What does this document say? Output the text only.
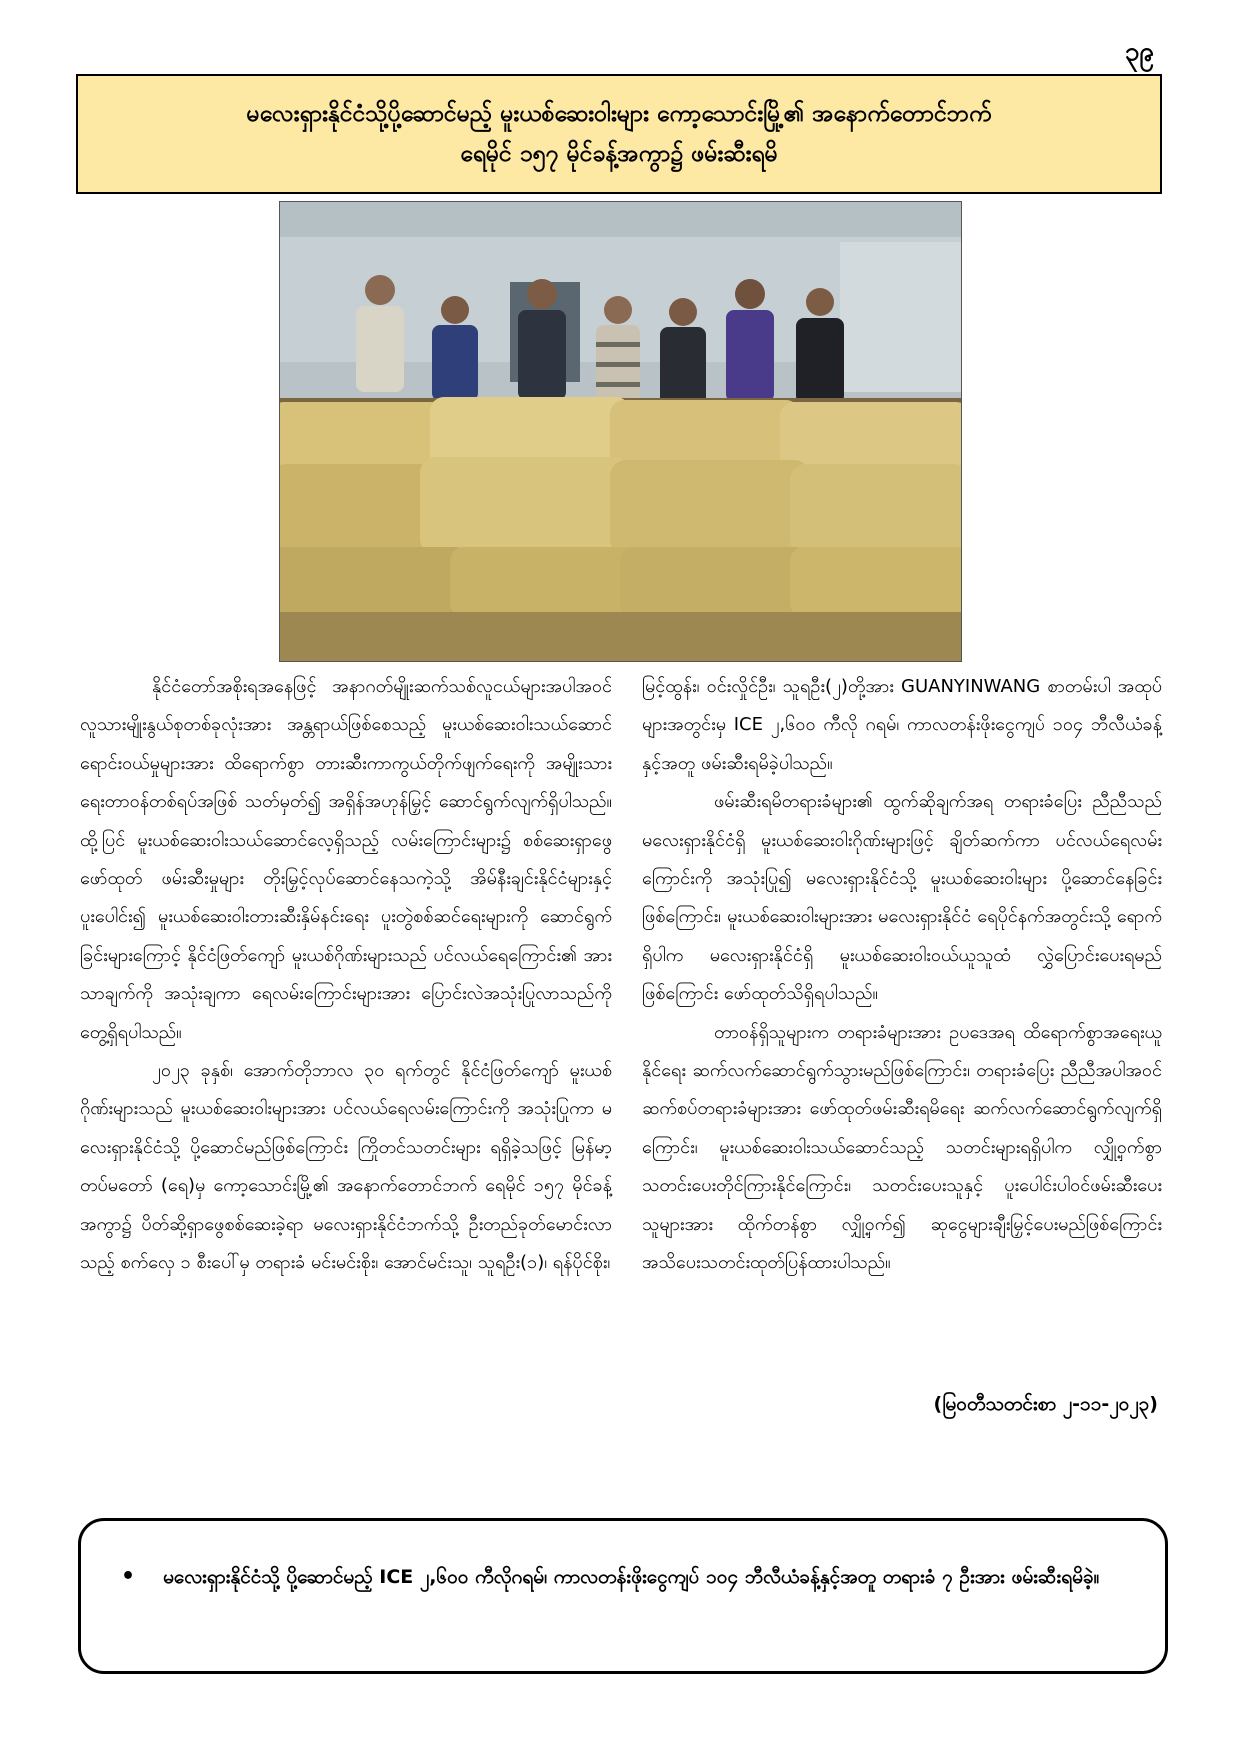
၃၉
မလေးရှားနိုင်ငံသို့ပို့ဆောင်မည့် မူးယစ်ဆေးဝါးများ ကော့သောင်းမြို့၏ အနောက်တောင်ဘက်
ရေမိုင် ၁၅၇ မိုင်ခန့်အကွာ၌ ဖမ်းဆီးရမိ

နိုင်ငံတော်အစိုးရအနေဖြင့် အနာဂတ်မျိုးဆက်သစ်လူငယ်များအပါအဝင် လူသားမျိုးနွယ်စုတစ်ခုလုံးအား အန္တရာယ်ဖြစ်စေသည့် မူးယစ်ဆေးဝါးသယ်ဆောင် ရောင်းဝယ်မှုများအား ထိရောက်စွာ တားဆီးကာကွယ်တိုက်ဖျက်ရေးကို အမျိုးသားရေးတာဝန်တစ်ရပ်အဖြစ် သတ်မှတ်၍ အရှိန်အဟုန်မြှင့် ဆောင်ရွက်လျက်ရှိပါသည်။ ထို့ပြင် မူးယစ်ဆေးဝါးသယ်ဆောင်လေ့ရှိသည့် လမ်းကြောင်းများ၌ စစ်ဆေးရှာဖွေဖော်ထုတ် ဖမ်းဆီးမှုများ တိုးမြှင့်လုပ်ဆောင်နေသကဲ့သို့ အိမ်နီးချင်းနိုင်ငံများနှင့်ပူးပေါင်း၍ မူးယစ်ဆေးဝါးတားဆီးနှိမ်နင်းရေး ပူးတွဲစစ်ဆင်ရေးများကို ဆောင်ရွက်ခြင်းများကြောင့် နိုင်ငံဖြတ်ကျော် မူးယစ်ဂိုဏ်းများသည် ပင်လယ်ရေကြောင်း၏ အားသာချက်ကို အသုံးချကာ ရေလမ်းကြောင်းများအား ပြောင်းလဲအသုံးပြုလာသည်ကို တွေ့ရှိရပါသည်။

၂၀၂၃ ခုနှစ်၊ အောက်တိုဘာလ ၃၀ ရက်တွင် နိုင်ငံဖြတ်ကျော် မူးယစ်ဂိုဏ်းများသည် မူးယစ်ဆေးဝါးများအား ပင်လယ်ရေလမ်းကြောင်းကို အသုံးပြုကာ မလေးရှားနိုင်ငံသို့ ပို့ဆောင်မည်ဖြစ်ကြောင်း ကြိုတင်သတင်းများ ရရှိခဲ့သဖြင့် မြန်မာ့တပ်မတော် (ရေ)မှ ကော့သောင်းမြို့၏ အနောက်တောင်ဘက် ရေမိုင် ၁၅၇ မိုင်ခန့်အကွာ၌ ပိတ်ဆို့ရှာဖွေစစ်ဆေးခဲ့ရာ မလေးရှားနိုင်ငံဘက်သို့ ဦးတည်ခုတ်မောင်းလာသည့် စက်လှေ ၁ စီးပေါ်မှ တရားခံ မင်းမင်းစိုး၊ အောင်မင်းသူ၊ သူရဦး(၁)၊ ရန်ပိုင်စိုး၊

မြင့်ထွန်း၊ ဝင်းလှိုင်ဦး၊ သူရဦး(၂)တို့အား GUANYINWANG စာတမ်းပါ အထုပ်များအတွင်းမှ ICE ၂,၆၀၀ ကီလို ဂရမ်၊ ကာလတန်းဖိုးငွေကျပ် ၁၀၄ ဘီလီယံခန့်နှင့်အတူ ဖမ်းဆီးရမိခဲ့ပါသည်။

ဖမ်းဆီးရမိတရားခံများ၏ ထွက်ဆိုချက်အရ တရားခံပြေး ညီညီသည် မလေးရှားနိုင်ငံရှိ မူးယစ်ဆေးဝါးဂိုဏ်းများဖြင့် ချိတ်ဆက်ကာ ပင်လယ်ရေလမ်းကြောင်းကို အသုံးပြု၍ မလေးရှားနိုင်ငံသို့ မူးယစ်ဆေးဝါးများ ပို့ဆောင်နေခြင်းဖြစ်ကြောင်း၊ မူးယစ်ဆေးဝါးများအား မလေးရှားနိုင်ငံ ရေပိုင်နက်အတွင်းသို့ ရောက်ရှိပါက မလေးရှားနိုင်ငံရှိ မူးယစ်ဆေးဝါးဝယ်ယူသူထံ လွှဲပြောင်းပေးရမည်ဖြစ်ကြောင်း ဖော်ထုတ်သိရှိရပါသည်။

တာဝန်ရှိသူများက တရားခံများအား ဥပဒေအရ ထိရောက်စွာအရေးယူနိုင်ရေး ဆက်လက်ဆောင်ရွက်သွားမည်ဖြစ်ကြောင်း၊ တရားခံပြေး ညီညီအပါအဝင် ဆက်စပ်တရားခံများအား ဖော်ထုတ်ဖမ်းဆီးရမိရေး ဆက်လက်ဆောင်ရွက်လျက်ရှိကြောင်း၊ မူးယစ်ဆေးဝါးသယ်ဆောင်သည့် သတင်းများရရှိပါက လျှို့ဝှက်စွာ သတင်းပေးတိုင်ကြားနိုင်ကြောင်း၊ သတင်းပေးသူနှင့် ပူးပေါင်းပါဝင်ဖမ်းဆီးပေးသူများအား ထိုက်တန်စွာ လျှို့ဝှက်၍ ဆုငွေများချီးမြှင့်ပေးမည်ဖြစ်ကြောင်း အသိပေးသတင်းထုတ်ပြန်ထားပါသည်။

(မြဝတီသတင်းစာ ၂-၁၁-၂၀၂၃)
• မလေးရှားနိုင်ငံသို့ ပို့ဆောင်မည့် ICE ၂,၆၀၀ ကီလိုဂရမ်၊ ကာလတန်းဖိုးငွေကျပ် ၁၀၄ ဘီလီယံခန့်နှင့်အတူ တရားခံ ၇ ဦးအား ဖမ်းဆီးရမိခဲ့။
